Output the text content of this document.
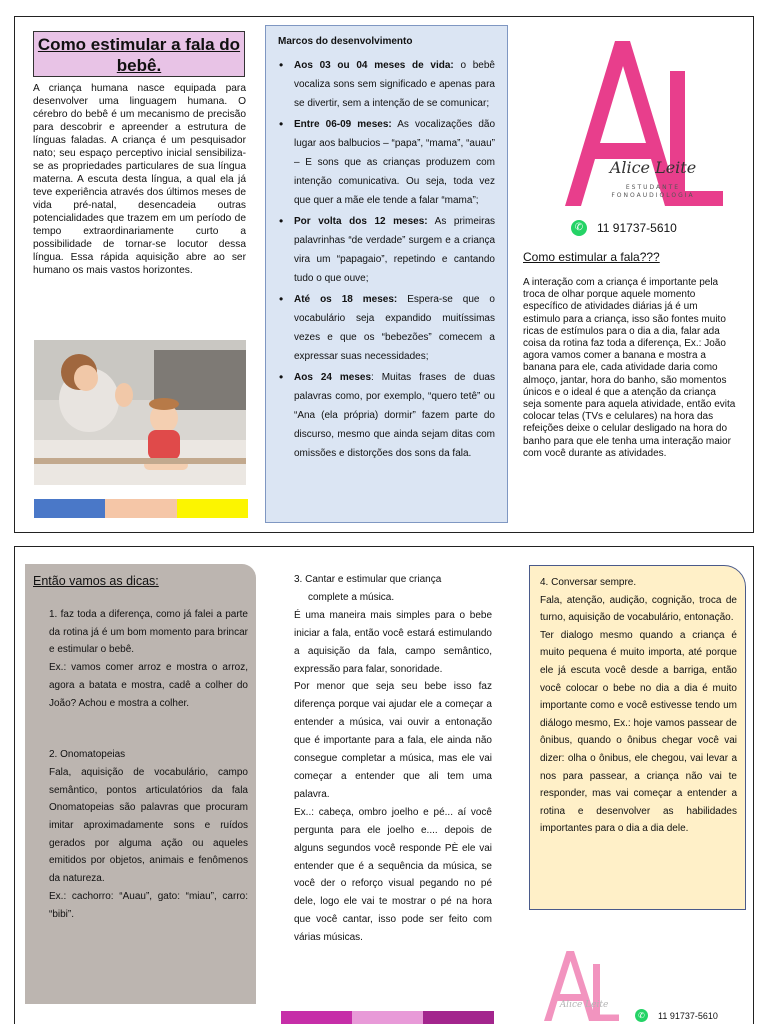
Como estimular a fala do bebê.
A criança humana nasce equipada para desenvolver uma linguagem humana. O cérebro do bebê é um mecanismo de precisão para descobrir e apreender a estrutura de línguas faladas. A criança é um pesquisador nato; seu espaço perceptivo inicial sensibiliza-se as propriedades particulares de sua língua materna. A escuta desta língua, a qual ela já teve experiência através dos últimos meses de vida pré-natal, desencadeia outras potencialidades que trazem em um período de tempo extraordinariamente curto a possibilidade de tornar-se locutor dessa língua. Essa rápida aquisição abre ao ser humano os mais vastos horizontes.
Marcos do desenvolvimento
• Aos 03 ou 04 meses de vida: o bebê vocaliza sons sem significado e apenas para se divertir, sem a intenção de se comunicar;
• Entre 06-09 meses: As vocalizações dão lugar aos balbucios – “papa”, “mama”, “auau” – E sons que as crianças produzem com intenção comunicativa. Ou seja, toda vez que quer a mãe ele tende a falar “mama”;
• Por volta dos 12 meses: As primeiras palavrinhas “de verdade” surgem e a criança vira um “papagaio”, repetindo e cantando tudo o que ouve;
• Até os 18 meses: Espera-se que o vocabulário seja expandido muitíssimas vezes e que os “bebezões” comecem a expressar suas necessidades;
• Aos 24 meses: Muitas frases de duas palavras como, por exemplo, “quero tetê” ou “Ana (ela própria) dormir” fazem parte do discurso, mesmo que ainda sejam ditas com omissões e distorções dos sons da fala.
Alice Leite
ESTUDANTE
FONOAUDIOLOGIA
✆	11 91737-5610
Como estimular a fala???
A interação com a criança é importante pela troca de olhar porque aquele momento específico de atividades diárias já é um estimulo para a criança, isso são fontes muito ricas de estímulos para o dia a dia, falar ada coisa da rotina faz toda a diferença, Ex.: João agora vamos comer a banana e mostra a banana para ele, cada atividade daria como almoço, jantar, hora do banho, são momentos únicos e o ideal é que a atenção da criança seja somente para aquela atividade, então evita colocar telas (TVs e celulares) na hora das refeições deixe o celular desligado na hora do banho para que ele tenha uma interação maior com você durante as atividades.
Então vamos as dicas:

1. faz toda a diferença, como já falei a parte da rotina já é um bom momento para brincar e estimular o bebê.

Ex.: vamos comer arroz e mostra o arroz, agora a batata e mostra, cadê a colher do João? Achou e mostra a colher.

2. Onomatopeias

Fala, aquisição de vocabulário, campo semântico, pontos articulatórios da fala Onomatopeias são palavras que procuram imitar aproximadamente sons e ruídos gerados por alguma ação ou aqueles emitidos por objetos, animais e fenômenos da natureza.

Ex.: cachorro: “Auau”, gato: “miau”, carro: “bibi”.

3. Cantar e estimular que criança

complete a música.

É uma maneira mais simples para o bebe iniciar a fala, então você estará estimulando a aquisição da fala, campo semântico, expressão para falar, sonoridade.

Por menor que seja seu bebe isso faz diferença porque vai ajudar ele a começar a entender a música, vai ouvir a entonação que é importante para a fala, ele ainda não consegue completar a música, mas ele vai começar a entender que ali tem uma palavra.

Ex..: cabeça, ombro joelho e pé... aí você pergunta para ele joelho e.... depois de alguns segundos você responde PÈ ele vai entender que é a sequência da música, se você der o reforço visual pegando no pé dele, logo ele vai te mostrar o pé na hora que você cantar, isso pode ser feito com várias músicas.

4. Conversar sempre.

Fala, atenção, audição, cognição, troca de turno, aquisição de vocabulário, entonação.

Ter dialogo mesmo quando a criança é muito pequena é muito importa, até porque ele já escuta você desde a barriga, então você colocar o bebe no dia a dia é muito importante como e você estivesse tendo um diálogo mesmo, Ex.: hoje vamos passear de ônibus, quando o ônibus chegar você vai dizer: olha o ônibus, ele chegou, vai levar a nos para passear, a criança não vai te responder, mas vai começar a entender a rotina e desenvolver as habilidades importantes para o dia a dia dele.

Alice Leite
✆	11 91737-5610
